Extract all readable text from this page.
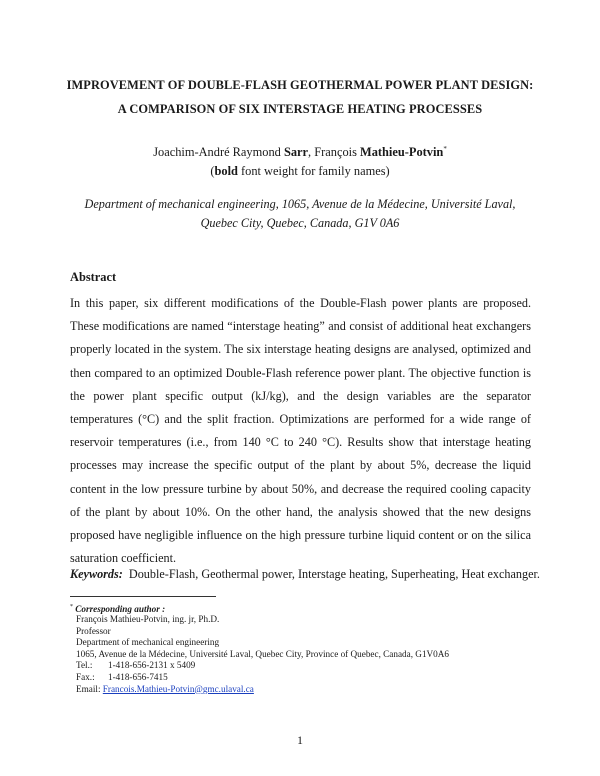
IMPROVEMENT OF DOUBLE-FLASH GEOTHERMAL POWER PLANT DESIGN:
A COMPARISON OF SIX INTERSTAGE HEATING PROCESSES
Joachim-André Raymond Sarr, François Mathieu-Potvin*
(bold font weight for family names)
Department of mechanical engineering, 1065, Avenue de la Médecine, Université Laval,
Quebec City, Quebec, Canada, G1V 0A6
Abstract

In this paper, six different modifications of the Double-Flash power plants are proposed. These modifications are named “interstage heating” and consist of additional heat exchangers properly located in the system. The six interstage heating designs are analysed, optimized and then compared to an optimized Double-Flash reference power plant. The objective function is the power plant specific output (kJ/kg), and the design variables are the separator temperatures (°C) and the split fraction. Optimizations are performed for a wide range of reservoir temperatures (i.e., from 140 °C to 240 °C). Results show that interstage heating processes may increase the specific output of the plant by about 5%, decrease the liquid content in the low pressure turbine by about 50%, and decrease the required cooling capacity of the plant by about 10%. On the other hand, the analysis showed that the new designs proposed have negligible influence on the high pressure turbine liquid content or on the silica saturation coefficient.

Keywords: Double-Flash, Geothermal power, Interstage heating, Superheating, Heat exchanger.
* Corresponding author :
François Mathieu-Potvin, ing. jr, Ph.D.
Professor
Department of mechanical engineering
1065, Avenue de la Médecine, Université Laval, Quebec City, Province of Quebec, Canada, G1V0A6
Tel.: 1-418-656-2131 x 5409
Fax.: 1-418-656-7415
Email: Francois.Mathieu-Potvin@gmc.ulaval.ca
1
